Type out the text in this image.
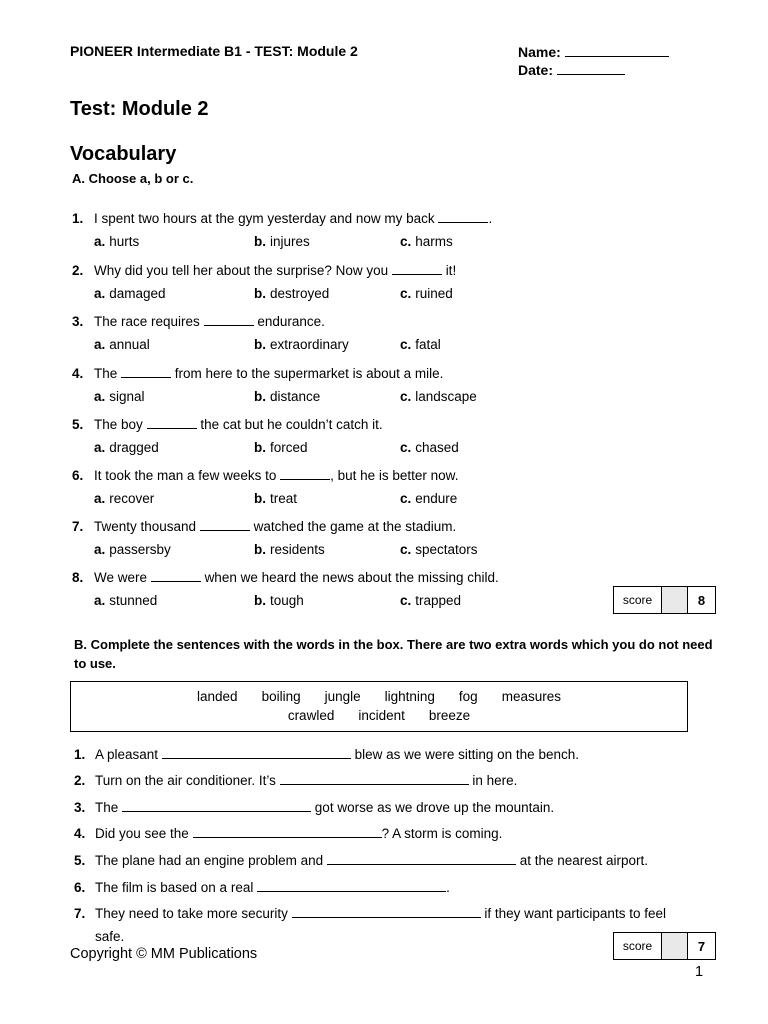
PIONEER Intermediate B1 - TEST: Module 2	Name:
Date:
Test: Module 2
Vocabulary
A. Choose a, b or c.
1. I spent two hours at the gym yesterday and now my back	.
a. hurts	b. injures	c. harms
2. Why did you tell her about the surprise? Now you	it!
a. damaged	b. destroyed	c. ruined
3. The race requires	endurance.
a. annual	b. extraordinary	c. fatal
4. The	from here to the supermarket is about a mile.
a. signal	b. distance	c. landscape
5. The boy	the cat but he couldn’t catch it.
a. dragged	b. forced	c. chased
6. It took the man a few weeks to	, but he is better now.
a. recover	b. treat	c. endure
7. Twenty thousand	watched the game at the stadium.
a. passersby	b. residents	c. spectators
8. We were	when we heard the news about the missing child.
a. stunned	b. tough	c. trapped	score	8
B. Complete the sentences with the words in the box. There are two extra words which you do not need to use.
landed boiling jungle lightning fog measures
crawled incident breeze
1. A pleasant	blew as we were sitting on the bench.
2. Turn on the air conditioner. It’s	in here.
3. The	got worse as we drove up the mountain.
4. Did you see the	? A storm is coming.
5. The plane had an engine problem and	at the nearest airport.
6. The film is based on a real	.
7. They need to take more security	if they want participants to feel
safe.
score	7
Copyright © MM Publications
1
